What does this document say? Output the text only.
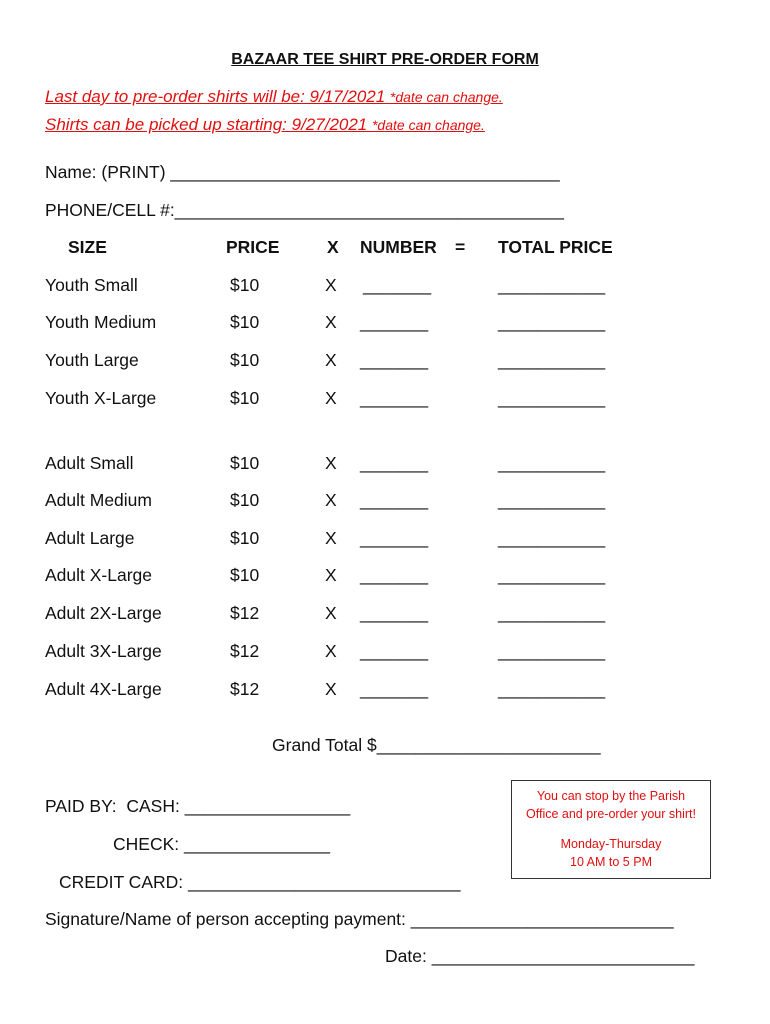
BAZAAR TEE SHIRT PRE-ORDER FORM
Last day to pre-order shirts will be: 9/17/2021 *date can change.
Shirts can be picked up starting: 9/27/2021 *date can change.
Name: (PRINT) ________________________________________
PHONE/CELL #:________________________________________
SIZE	PRICE	X NUMBER = TOTAL PRICE
Youth Small	$10	X _______	___________
Youth Medium	$10	X _______	___________
Youth Large	$10	X _______	___________
Youth X-Large	$10	X _______	___________
Adult Small	$10	X _______	___________
Adult Medium	$10	X _______	___________
Adult Large	$10	X _______	___________
Adult X-Large	$10	X _______	___________
Adult 2X-Large	$12	X _______	___________
Adult 3X-Large	$12	X _______	___________
Adult 4X-Large	$12	X _______	___________
Grand Total $_______________________
PAID BY:  CASH: _________________
CHECK: _______________
CREDIT CARD: ____________________________
You can stop by the Parish
Office and pre-order your shirt!
Monday-Thursday
10 AM to 5 PM
Signature/Name of person accepting payment: ___________________________
Date: ___________________________
